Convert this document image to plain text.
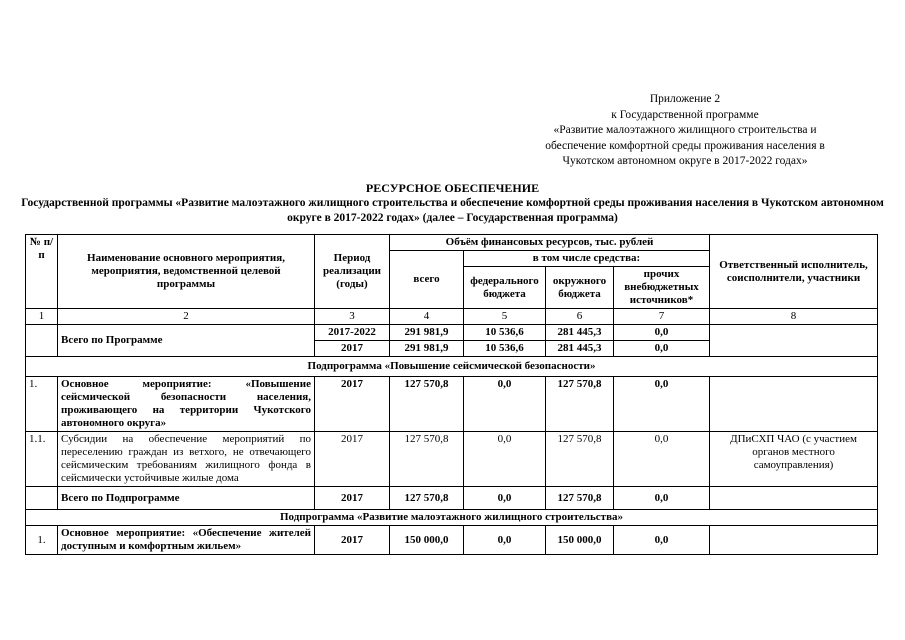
Приложение 2
к Государственной программе
«Развитие малоэтажного жилищного строительства и
обеспечение комфортной среды проживания населения в
Чукотском автономном округе в 2017-2022 годах»
РЕСУРСНОЕ ОБЕСПЕЧЕНИЕ
Государственной программы «Развитие малоэтажного жилищного строительства и обеспечение комфортной среды проживания населения в Чукотском автономном округе в 2017-2022 годах» (далее – Государственная программа)
№ п/п	Наименование основного мероприятия, мероприятия, ведомственной целевой программы	Период реализации (годы)	Объём финансовых ресурсов, тыс. рублей				Ответственный исполнитель, соисполнители, участники
			всего	в том числе средства:			
				федерального бюджета	окружного бюджета	прочих внебюджетных источников*	
1	2	3	4	5	6	7	8
	Всего по Программе	2017-2022	291 981,9	10 536,6	281 445,3	0,0	
		2017	291 981,9	10 536,6	281 445,3	0,0	
Подпрограмма «Повышение сейсмической безопасности»							
1.	Основное мероприятие: «Повышение сейсмической безопасности населения, проживающего на территории Чукотского автономного округа»	2017	127 570,8	0,0	127 570,8	0,0	
1.1.	Субсидии на обеспечение мероприятий по переселению граждан из ветхого, не отвечающего сейсмическим требованиям жилищного фонда в сейсмически устойчивые жилые дома	2017	127 570,8	0,0	127 570,8	0,0	ДПиСХП ЧАО (с участием органов местного самоуправления)
	Всего по Подпрограмме	2017	127 570,8	0,0	127 570,8	0,0	
Подпрограмма «Развитие малоэтажного жилищного строительства»							
1.	Основное мероприятие: «Обеспечение жителей доступным и комфортным жильем»	2017	150 000,0	0,0	150 000,0	0,0	
